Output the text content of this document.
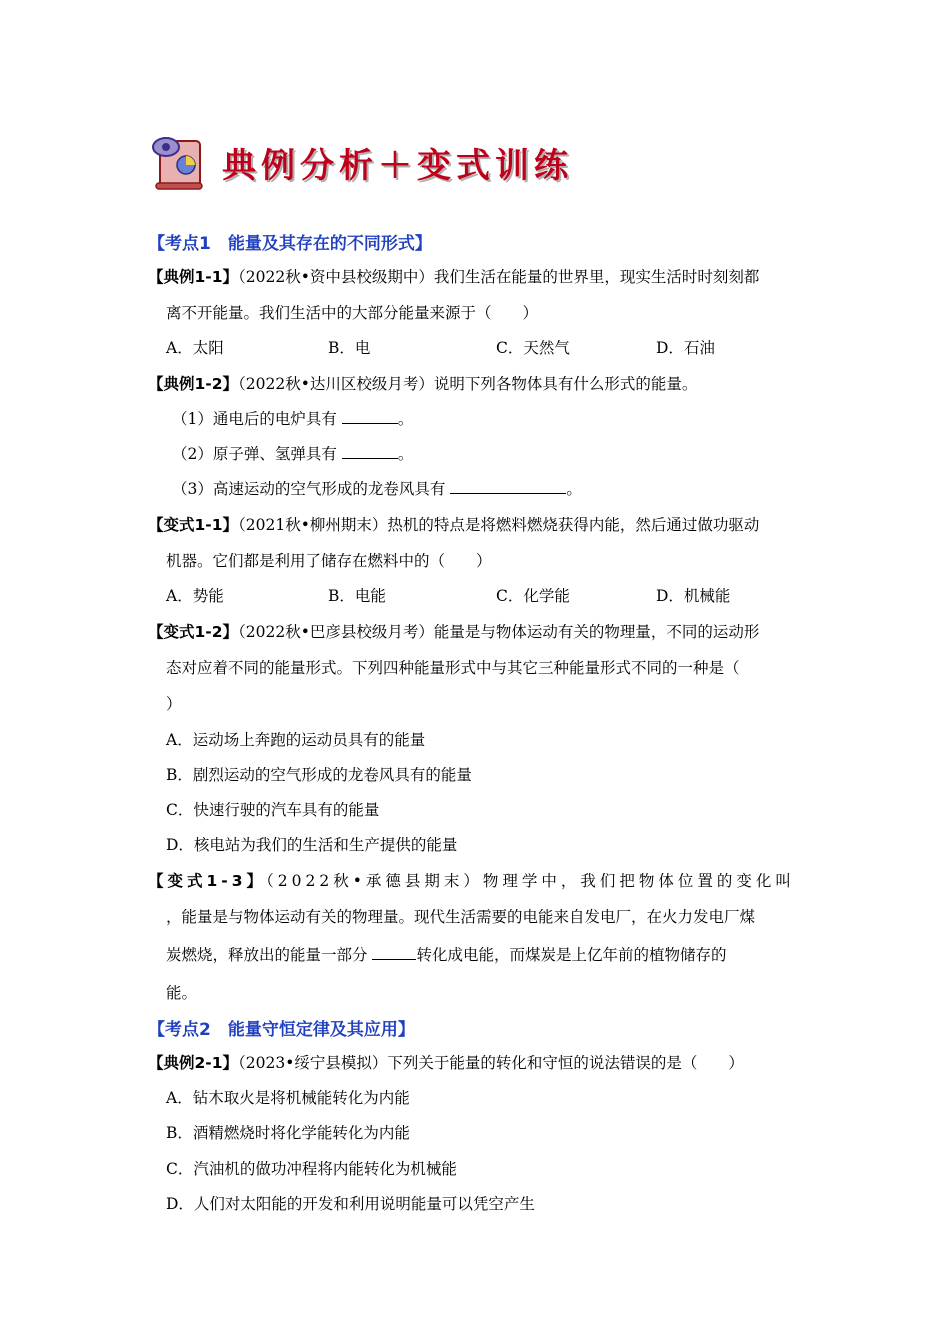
典例分析＋变式训练
【考点1　能量及其存在的不同形式】
【典例1-1】（2022秋•资中县校级期中）我们生活在能量的世界里，现实生活时时刻刻都
离不开能量。我们生活中的大部分能量来源于（　　）
A．太阳	B．电	C．天然气	D．石油
【典例1-2】（2022秋•达川区校级月考）说明下列各物体具有什么形式的能量。
（1）通电后的电炉具有	。
（2）原子弹、氢弹具有	。
（3）高速运动的空气形成的龙卷风具有	。
【变式1-1】（2021秋•柳州期末）热机的特点是将燃料燃烧获得内能，然后通过做功驱动
机器。它们都是利用了储存在燃料中的（　　）
A．势能	B．电能	C．化学能	D．机械能
【变式1-2】（2022秋•巴彦县校级月考）能量是与物体运动有关的物理量，不同的运动形
态对应着不同的能量形式。下列四种能量形式中与其它三种能量形式不同的一种是（
）
A．运动场上奔跑的运动员具有的能量
B．剧烈运动的空气形成的龙卷风具有的能量
C．快速行驶的汽车具有的能量
D．核电站为我们的生活和生产提供的能量
【变式1-3】（2022秋•承德县期末）物理学中，我们把物体位置的变化叫
，能量是与物体运动有关的物理量。现代生活需要的电能来自发电厂，在火力发电厂煤
炭燃烧，释放出的能量一部分	转化成电能，而煤炭是上亿年前的植物储存的
能。
【考点2　能量守恒定律及其应用】
【典例2-1】（2023•绥宁县模拟）下列关于能量的转化和守恒的说法错误的是（　　）
A．钻木取火是将机械能转化为内能
B．酒精燃烧时将化学能转化为内能
C．汽油机的做功冲程将内能转化为机械能
D．人们对太阳能的开发和利用说明能量可以凭空产生
